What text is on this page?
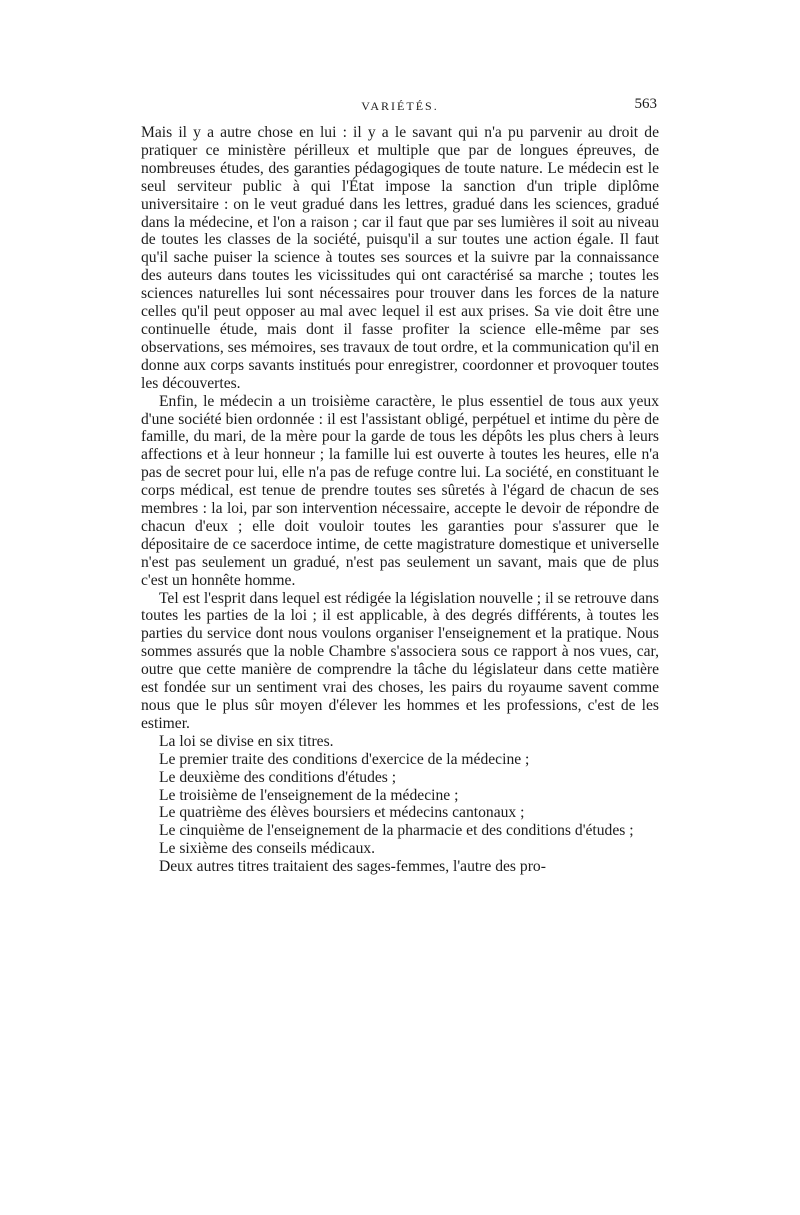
VARIÉTÉS.	563

Mais il y a autre chose en lui : il y a le savant qui n'a pu parvenir au droit de pratiquer ce ministère périlleux et multiple que par de longues épreuves, de nombreuses études, des garanties pédagogiques de toute nature. Le médecin est le seul serviteur public à qui l'État impose la sanction d'un triple diplôme universitaire : on le veut gradué dans les lettres, gradué dans les sciences, gradué dans la médecine, et l'on a raison ; car il faut que par ses lumières il soit au niveau de toutes les classes de la société, puisqu'il a sur toutes une action égale. Il faut qu'il sache puiser la science à toutes ses sources et la suivre par la connaissance des auteurs dans toutes les vicissitudes qui ont caractérisé sa marche ; toutes les sciences naturelles lui sont nécessaires pour trouver dans les forces de la nature celles qu'il peut opposer au mal avec lequel il est aux prises. Sa vie doit être une continuelle étude, mais dont il fasse profiter la science elle-même par ses observations, ses mémoires, ses travaux de tout ordre, et la communication qu'il en donne aux corps savants institués pour enregistrer, coordonner et provoquer toutes les découvertes.

Enfin, le médecin a un troisième caractère, le plus essentiel de tous aux yeux d'une société bien ordonnée : il est l'assistant obligé, perpétuel et intime du père de famille, du mari, de la mère pour la garde de tous les dépôts les plus chers à leurs affections et à leur honneur ; la famille lui est ouverte à toutes les heures, elle n'a pas de secret pour lui, elle n'a pas de refuge contre lui. La société, en constituant le corps médical, est tenue de prendre toutes ses sûretés à l'égard de chacun de ses membres : la loi, par son intervention nécessaire, accepte le devoir de répondre de chacun d'eux ; elle doit vouloir toutes les garanties pour s'assurer que le dépositaire de ce sacerdoce intime, de cette magistrature domestique et universelle n'est pas seulement un gradué, n'est pas seulement un savant, mais que de plus c'est un honnête homme.

Tel est l'esprit dans lequel est rédigée la législation nouvelle ; il se retrouve dans toutes les parties de la loi ; il est applicable, à des degrés différents, à toutes les parties du service dont nous voulons organiser l'enseignement et la pratique. Nous sommes assurés que la noble Chambre s'associera sous ce rapport à nos vues, car, outre que cette manière de comprendre la tâche du législateur dans cette matière est fondée sur un sentiment vrai des choses, les pairs du royaume savent comme nous que le plus sûr moyen d'élever les hommes et les professions, c'est de les estimer.

La loi se divise en six titres.

Le premier traite des conditions d'exercice de la médecine ;
Le deuxième des conditions d'études ;
Le troisième de l'enseignement de la médecine ;
Le quatrième des élèves boursiers et médecins cantonaux ;
Le cinquième de l'enseignement de la pharmacie et des conditions d'études ;
Le sixième des conseils médicaux.

Deux autres titres traitaient des sages-femmes, l'autre des pro-
